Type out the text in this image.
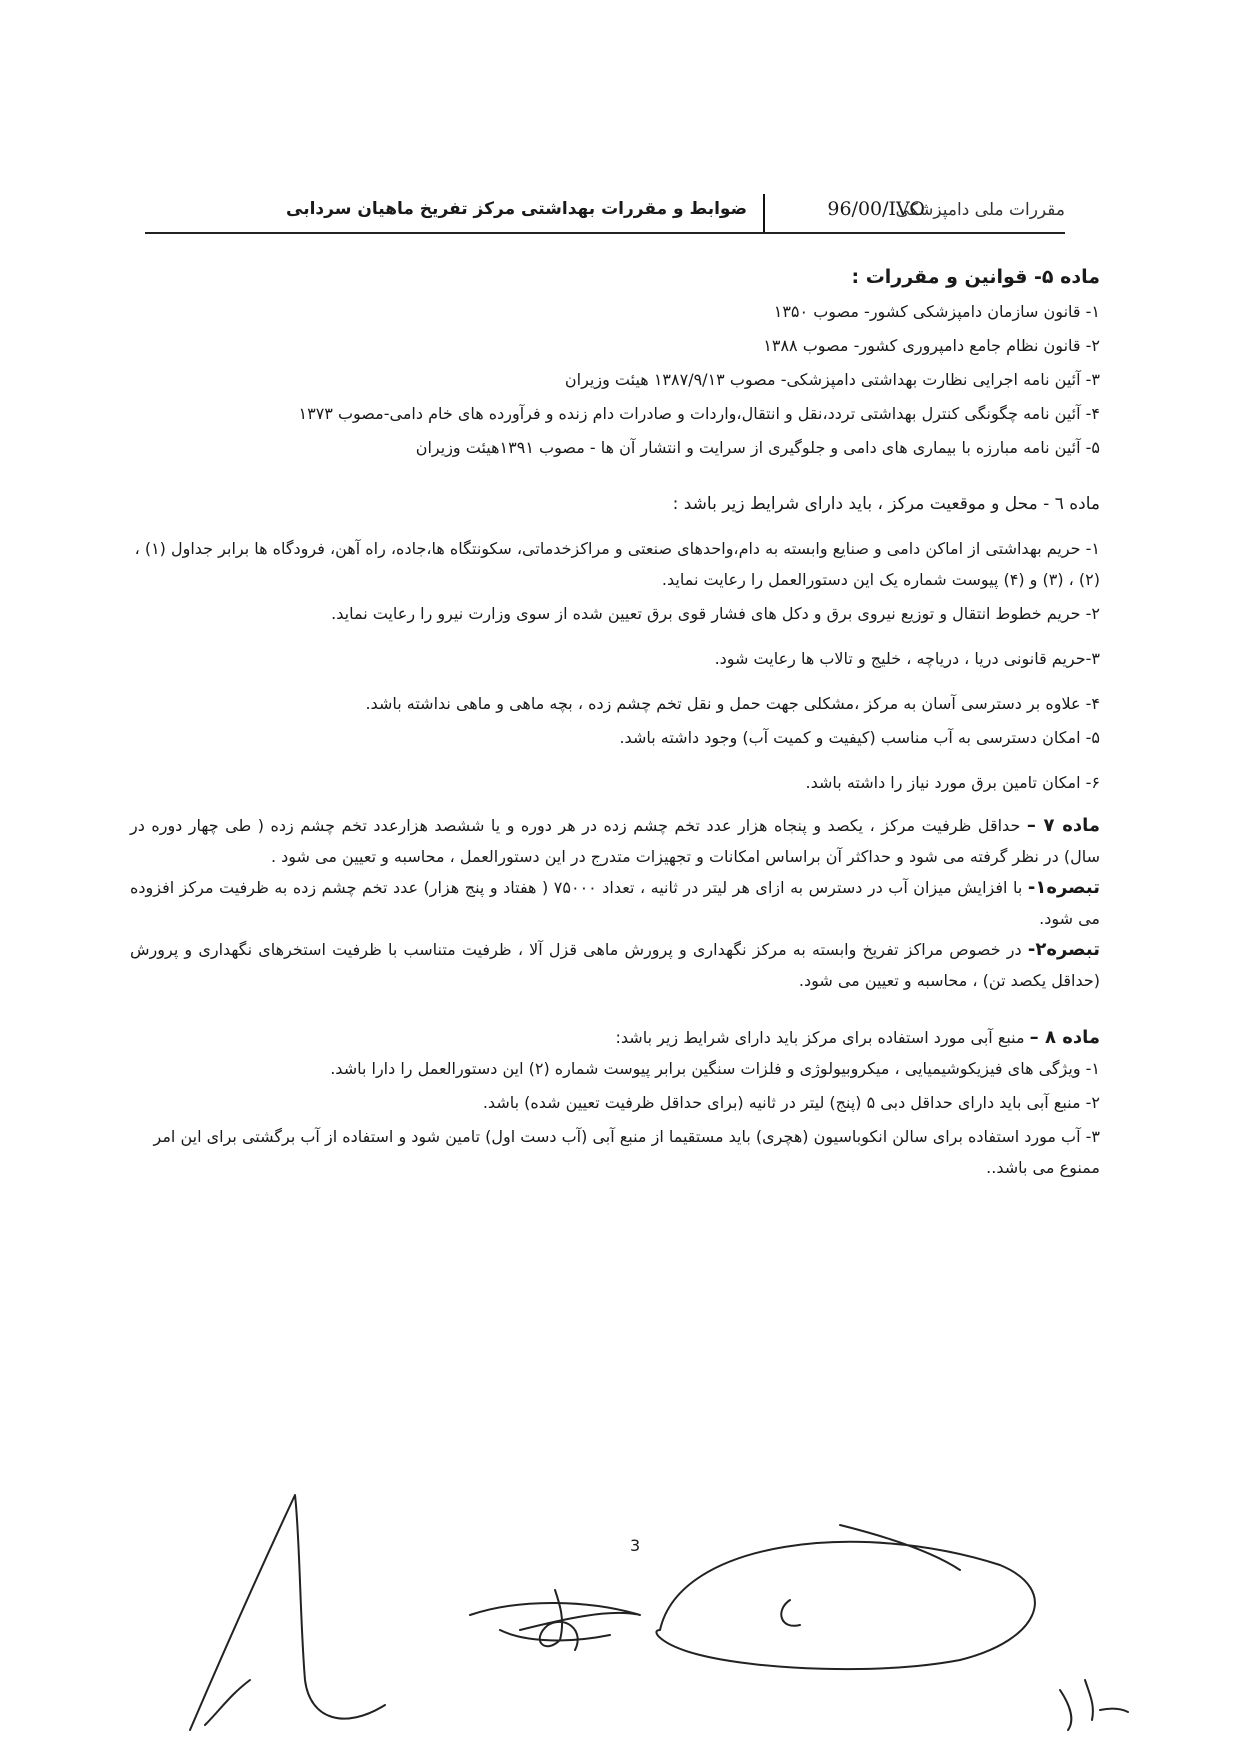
مقررات ملی دامپزشکی
96/00/IVO
ضوابط و مقررات بهداشتی مرکز تفریخ ماهیان سردابی
ماده ۵- قوانین و مقررات :
۱- قانون سازمان دامپزشکی کشور- مصوب ۱۳۵۰
۲- قانون نظام جامع دامپروری کشور- مصوب ۱۳۸۸
۳- آئین نامه اجرایی نظارت بهداشتی دامپزشکی- مصوب ۱۳۸۷/۹/۱۳ هیئت وزیران
۴- آئین نامه چگونگی کنترل بهداشتی تردد،نقل و انتقال،واردات و صادرات دام زنده و فرآورده های خام دامی-مصوب ۱۳۷۳
۵- آئین نامه مبارزه با بیماری های دامی و جلوگیری از سرایت و انتشار آن ها - مصوب ۱۳۹۱هیئت وزیران
ماده ٦ - محل و موقعیت مرکز ، باید دارای شرایط زیر باشد :
۱- حریم بهداشتی از اماکن دامی و صنایع وابسته به دام،واحدهای صنعتی و مراکزخدماتی، سکونتگاه ها،جاده، راه آهن، فرودگاه ها برابر جداول (۱) ، (۲) ، (۳) و (۴) پیوست شماره یک این دستورالعمل را رعایت نماید.
۲- حریم خطوط انتقال و توزیع نیروی برق و دکل های فشار قوی برق تعیین شده از سوی وزارت نیرو را رعایت نماید.
۳-حریم قانونی دریا ، دریاچه ، خلیج و تالاب ها رعایت شود.
۴- علاوه بر دسترسی آسان به مرکز ،مشکلی جهت حمل و نقل تخم چشم زده ، بچه ماهی و ماهی نداشته باشد.
۵- امکان دسترسی به آب مناسب (کیفیت و کمیت آب) وجود داشته باشد.
۶- امکان تامین برق مورد نیاز را داشته باشد.
ماده ۷ – حداقل ظرفیت مرکز ، یکصد و پنجاه هزار عدد تخم چشم زده در هر دوره و یا ششصد هزارعدد تخم چشم زده ( طی چهار دوره در سال) در نظر گرفته می شود و حداکثر آن براساس امکانات و تجهیزات متدرج در این دستورالعمل ، محاسبه و تعیین می شود .
تبصره۱- با افزایش میزان آب در دسترس به ازای هر لیتر در ثانیه ، تعداد ۷۵۰۰۰ ( هفتاد و پنج هزار) عدد تخم چشم زده به ظرفیت مرکز افزوده می شود.
تبصره۲- در خصوص مراکز تفریخ وابسته به مرکز نگهداری و پرورش ماهی قزل آلا ، ظرفیت متناسب با ظرفیت استخرهای نگهداری و پرورش (حداقل یکصد تن) ، محاسبه و تعیین می شود.
ماده ۸ – منبع آبی مورد استفاده برای مرکز باید دارای شرایط زیر باشد:
۱- ویژگی های فیزیکوشیمیایی ، میکروبیولوژی و فلزات سنگین برابر پیوست شماره (۲) این دستورالعمل را دارا باشد.
۲- منبع آبی باید دارای حداقل دبی ۵ (پنج) لیتر در ثانیه (برای حداقل ظرفیت تعیین شده) باشد.
۳- آب مورد استفاده برای سالن انکوباسیون (هچری) باید مستقیما از منبع آبی (آب دست اول) تامین شود و استفاده از آب برگشتی برای این امر ممنوع می باشد..
3
